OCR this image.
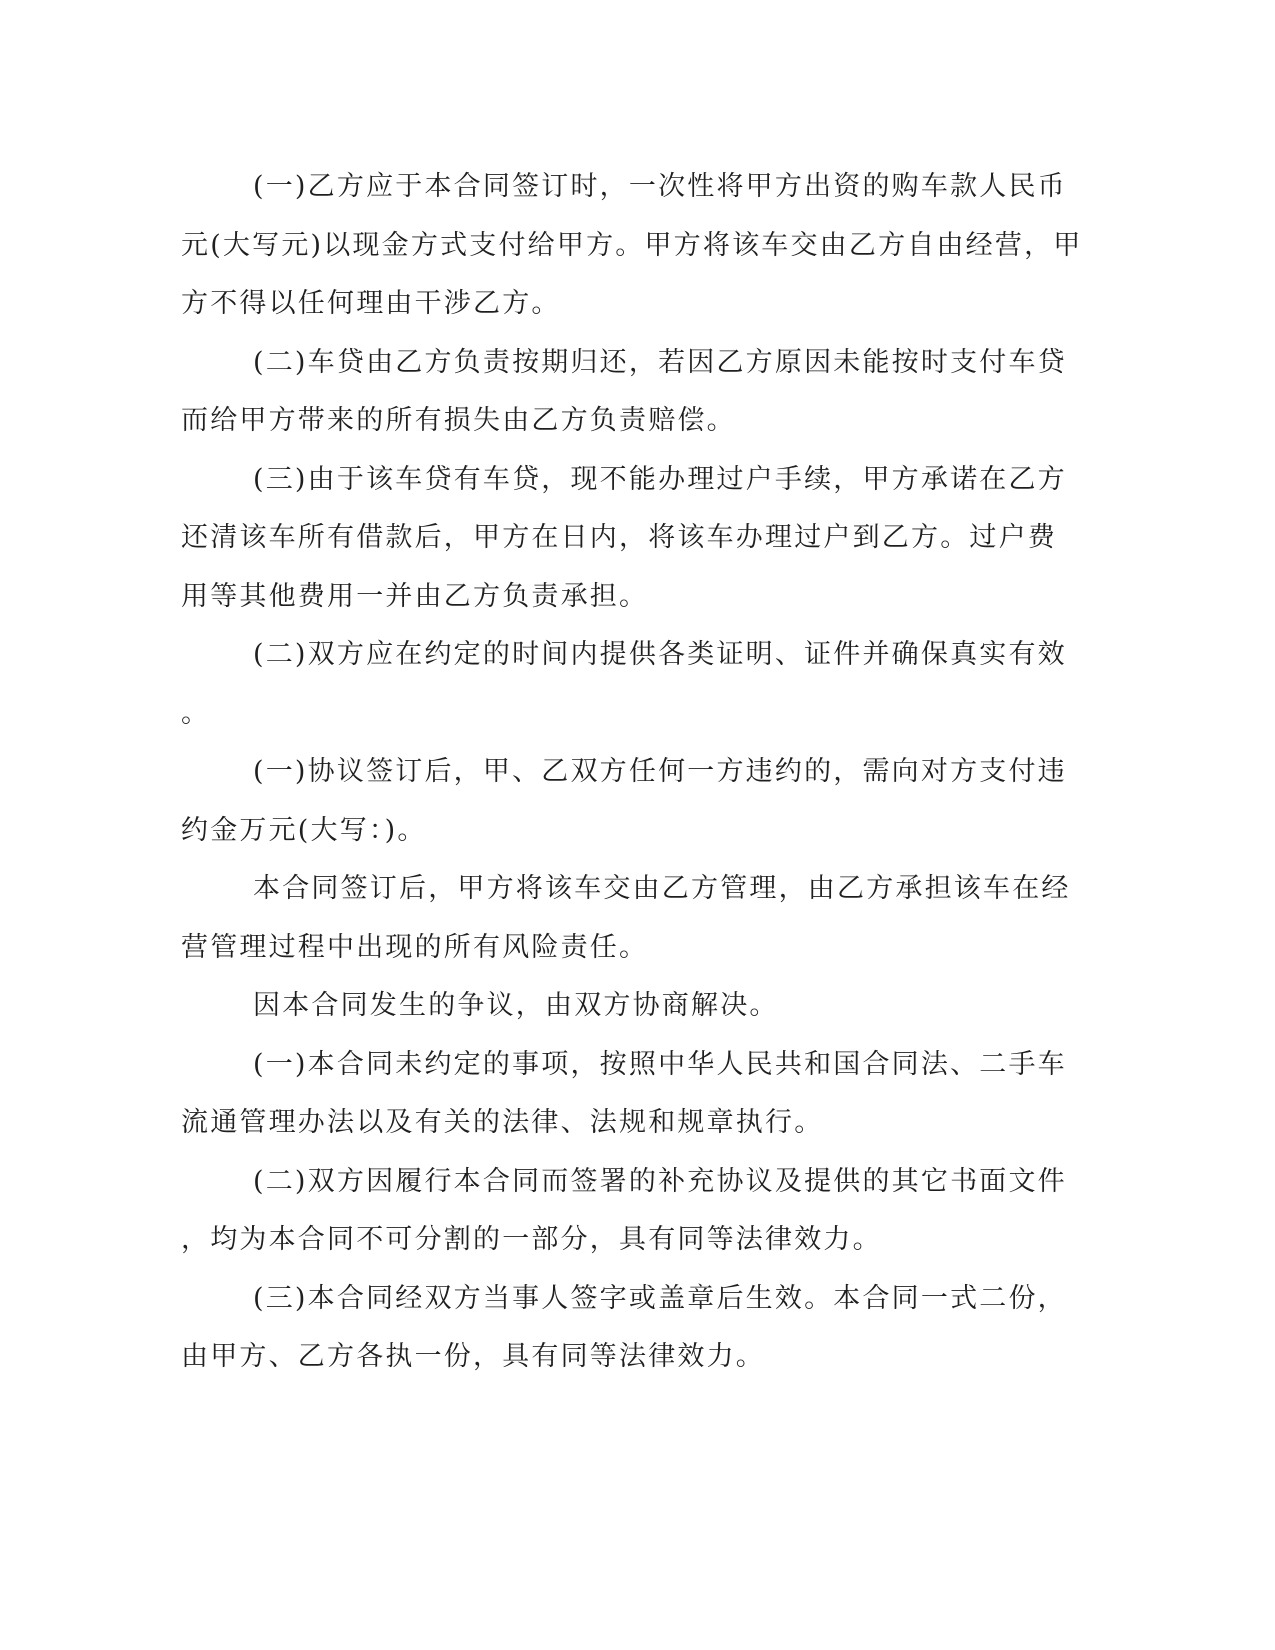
(一)乙方应于本合同签订时，一次性将甲方出资的购车款人民币
元(大写元)以现金方式支付给甲方。甲方将该车交由乙方自由经营，甲
方不得以任何理由干涉乙方。
(二)车贷由乙方负责按期归还，若因乙方原因未能按时支付车贷
而给甲方带来的所有损失由乙方负责赔偿。
(三)由于该车贷有车贷，现不能办理过户手续，甲方承诺在乙方
还清该车所有借款后，甲方在日内，将该车办理过户到乙方。过户费
用等其他费用一并由乙方负责承担。
(二)双方应在约定的时间内提供各类证明、证件并确保真实有效
。
(一)协议签订后，甲、乙双方任何一方违约的，需向对方支付违
约金万元(大写：)。
本合同签订后，甲方将该车交由乙方管理，由乙方承担该车在经
营管理过程中出现的所有风险责任。
因本合同发生的争议，由双方协商解决。
(一)本合同未约定的事项，按照中华人民共和国合同法、二手车
流通管理办法以及有关的法律、法规和规章执行。
(二)双方因履行本合同而签署的补充协议及提供的其它书面文件
，均为本合同不可分割的一部分，具有同等法律效力。
(三)本合同经双方当事人签字或盖章后生效。本合同一式二份，
由甲方、乙方各执一份，具有同等法律效力。
